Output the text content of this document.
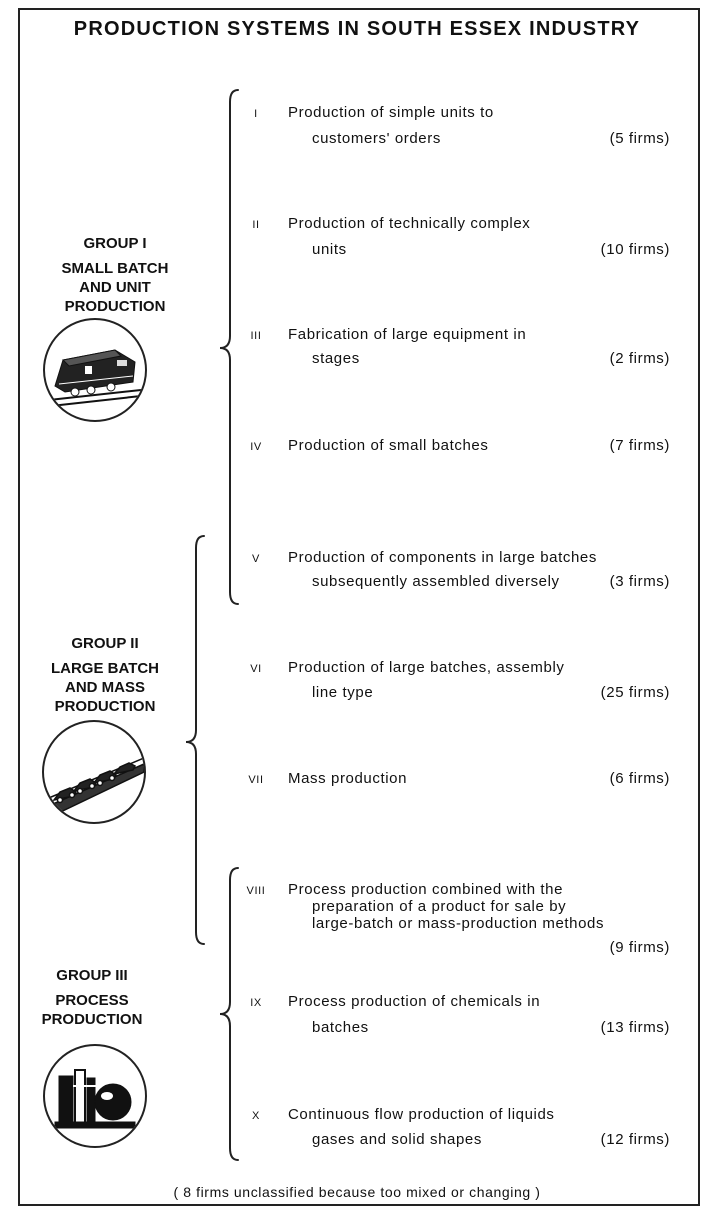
PRODUCTION SYSTEMS IN SOUTH ESSEX INDUSTRY
GROUP I
SMALL BATCH
AND UNIT
PRODUCTION
GROUP II
LARGE BATCH
AND MASS
PRODUCTION
GROUP III
PROCESS
PRODUCTION
I	Production of simple units to
customers' orders	(5 firms)
II	Production of technically complex
units	(10 firms)
III	Fabrication of large equipment in
stages	(2 firms)
IV	Production of small batches	(7 firms)
V	Production of components in large batches
subsequently assembled diversely	(3 firms)
VI	Production of large batches, assembly
line type	(25 firms)
VII	Mass production	(6 firms)
VIII	Process production combined with the
preparation of a product for sale by
large-batch or mass-production methods
(9 firms)
IX	Process production of chemicals in
batches	(13 firms)
X	Continuous flow production of liquids
gases and solid shapes	(12 firms)
( 8 firms unclassified because too mixed or changing )
